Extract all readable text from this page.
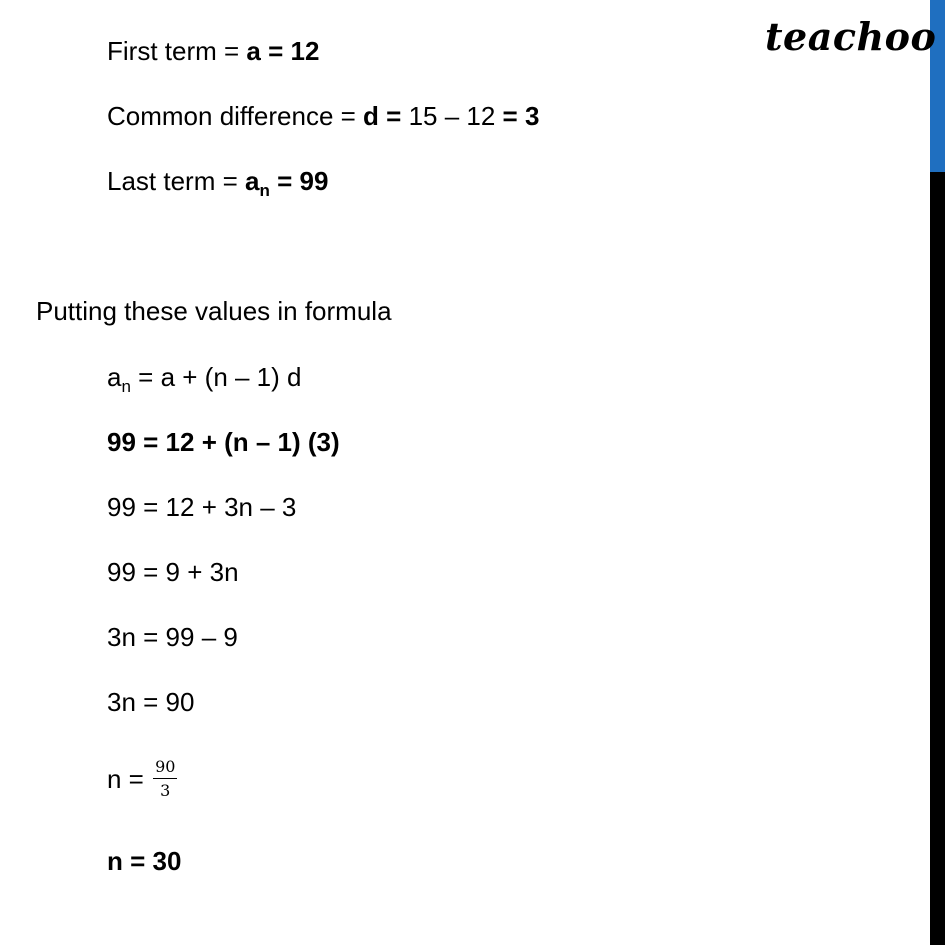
teachoo
First term = a = 12
Common difference = d = 15 – 12 = 3
Last term = $a_n = 99$
Putting these values in formula
$a_n = a + (n - 1)$ d
99 = 12 + (n – 1) (3)
99 = 12 + 3n – 3
99 = 9 + 3n
3n = 99 – 9
3n = 90
$n = \frac{90}{3}$
n = 30
